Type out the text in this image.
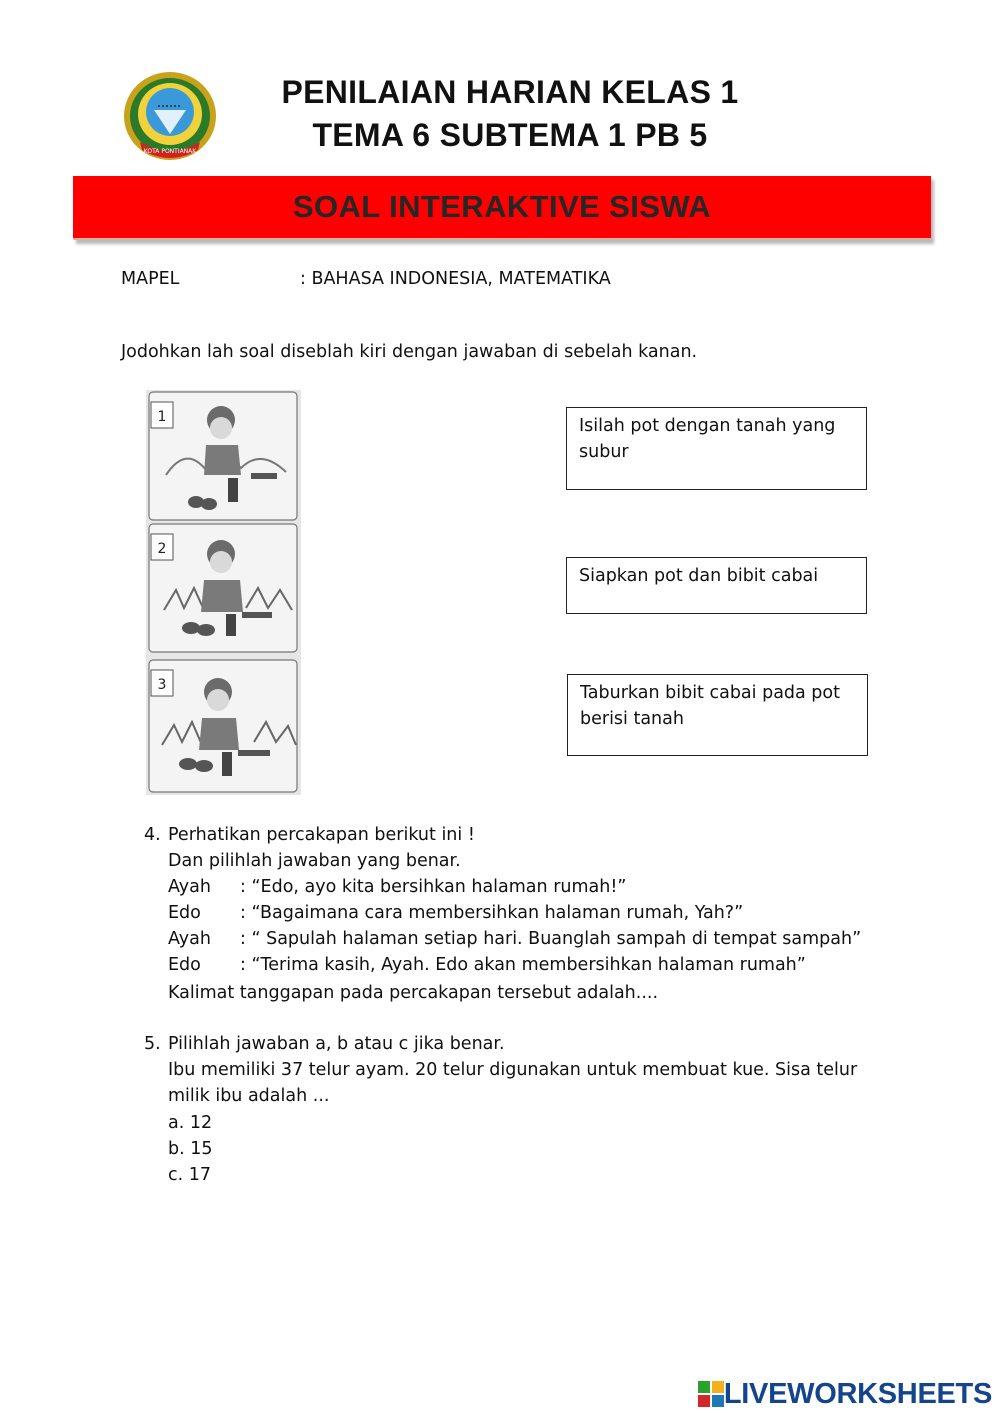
KOTA PONTIANAK
PENILAIAN HARIAN KELAS 1
TEMA 6 SUBTEMA 1 PB 5
SOAL INTERAKTIVE SISWA
MAPEL	: BAHASA INDONESIA, MATEMATIKA
Jodohkan lah soal diseblah kiri dengan jawaban di sebelah kanan.
1
2
3
Isilah pot dengan tanah yang subur
Siapkan pot dan bibit cabai
Taburkan bibit cabai pada pot berisi tanah
4. Perhatikan percakapan berikut ini !
Dan pilihlah jawaban yang benar.
Ayah : “Edo, ayo kita bersihkan halaman rumah!”
Edo : “Bagaimana cara membersihkan halaman rumah, Yah?”
Ayah : “ Sapulah halaman setiap hari. Buanglah sampah di tempat sampah”
Edo : “Terima kasih, Ayah. Edo akan membersihkan halaman rumah”
Kalimat tanggapan pada percakapan tersebut adalah....
5. Pilihlah jawaban a, b atau c jika benar.
Ibu memiliki 37 telur ayam. 20 telur digunakan untuk membuat kue. Sisa telur
milik ibu adalah ...
a. 12
b. 15
c. 17
LIVEWORKSHEETS
